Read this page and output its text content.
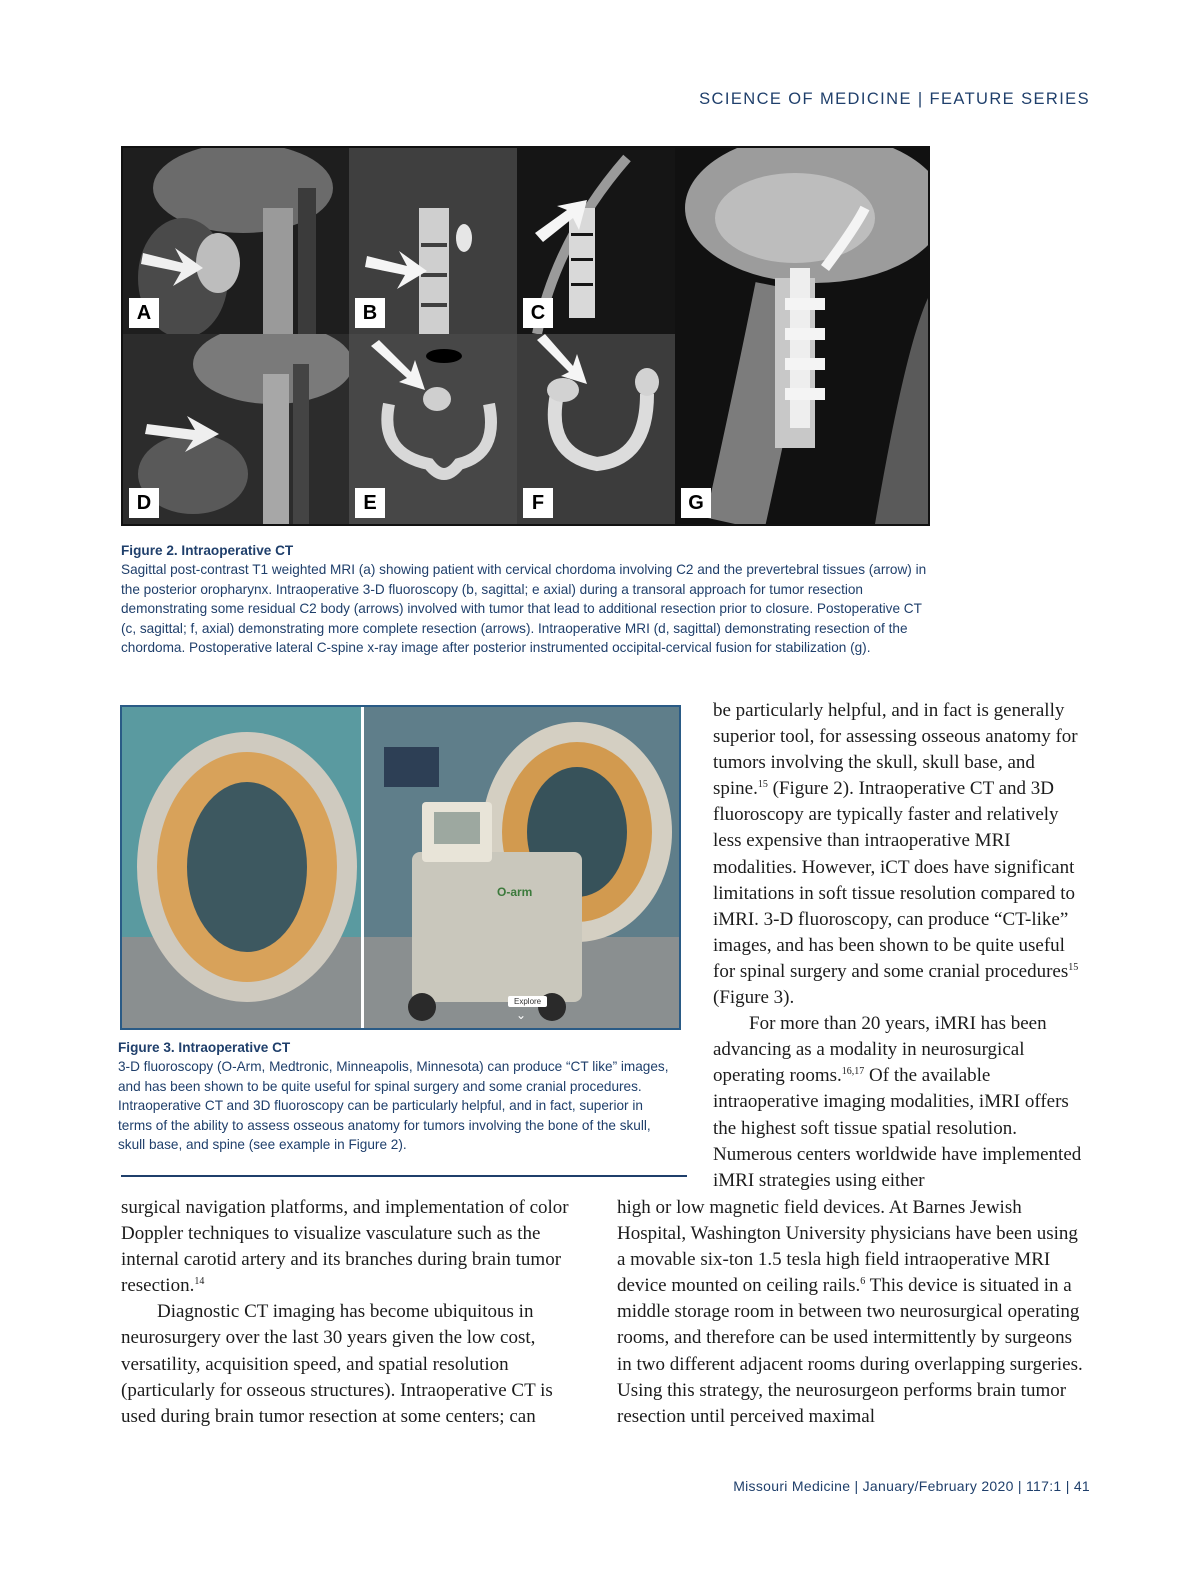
SCIENCE OF MEDICINE | FEATURE SERIES
A	B	C
D	E	F	G
Figure 2. Intraoperative CT
Sagittal post-contrast T1 weighted MRI (a) showing patient with cervical chordoma involving C2 and the prevertebral tissues (arrow) in the posterior oropharynx. Intraoperative 3-D fluoroscopy (b, sagittal; e axial) during a transoral approach for tumor resection demonstrating some residual C2 body (arrows) involved with tumor that lead to additional resection prior to closure. Postoperative CT (c, sagittal; f, axial) demonstrating more complete resection (arrows). Intraoperative MRI (d, sagittal) demonstrating resection of the chordoma. Postoperative lateral C-spine x-ray image after posterior instrumented occipital-cervical fusion for stabilization (g).
O-arm
Explore
⌄
Figure 3. Intraoperative CT
3-D fluoroscopy (O-Arm, Medtronic, Minneapolis, Minnesota) can produce “CT like” images, and has been shown to be quite useful for spinal surgery and some cranial procedures. Intraoperative CT and 3D fluoroscopy can be particularly helpful, and in fact, superior in terms of the ability to assess osseous anatomy for tumors involving the bone of the skull, skull base, and spine (see example in Figure 2).

be particularly helpful, and in fact is generally superior tool, for assessing osseous anatomy for tumors involving the skull, skull base, and spine.$^{15}$ (Figure 2). Intraoperative CT and 3D fluoroscopy are typically faster and relatively less expensive than intraoperative MRI modalities. However, iCT does have significant limitations in soft tissue resolution compared to iMRI. 3-D fluoroscopy, can produce “CT-like” images, and has been shown to be quite useful for spinal surgery and some cranial procedures$^{15}$ (Figure 3).

For more than 20 years, iMRI has been advancing as a modality in neurosurgical operating rooms.$^{16,17}$ Of the available intraoperative imaging modalities, iMRI offers the highest soft tissue spatial resolution. Numerous centers worldwide have implemented iMRI strategies using either

surgical navigation platforms, and implementation of color Doppler techniques to visualize vasculature such as the internal carotid artery and its branches during brain tumor resection.$^{14}$

Diagnostic CT imaging has become ubiquitous in neurosurgery over the last 30 years given the low cost, versatility, acquisition speed, and spatial resolution (particularly for osseous structures). Intraoperative CT is used during brain tumor resection at some centers; can

high or low magnetic field devices. At Barnes Jewish Hospital, Washington University physicians have been using a movable six-ton 1.5 tesla high field intraoperative MRI device mounted on ceiling rails.$^6$ This device is situated in a middle storage room in between two neurosurgical operating rooms, and therefore can be used intermittently by surgeons in two different adjacent rooms during overlapping surgeries. Using this strategy, the neurosurgeon performs brain tumor resection until perceived maximal

Missouri Medicine | January/February 2020 | 117:1 | 41
